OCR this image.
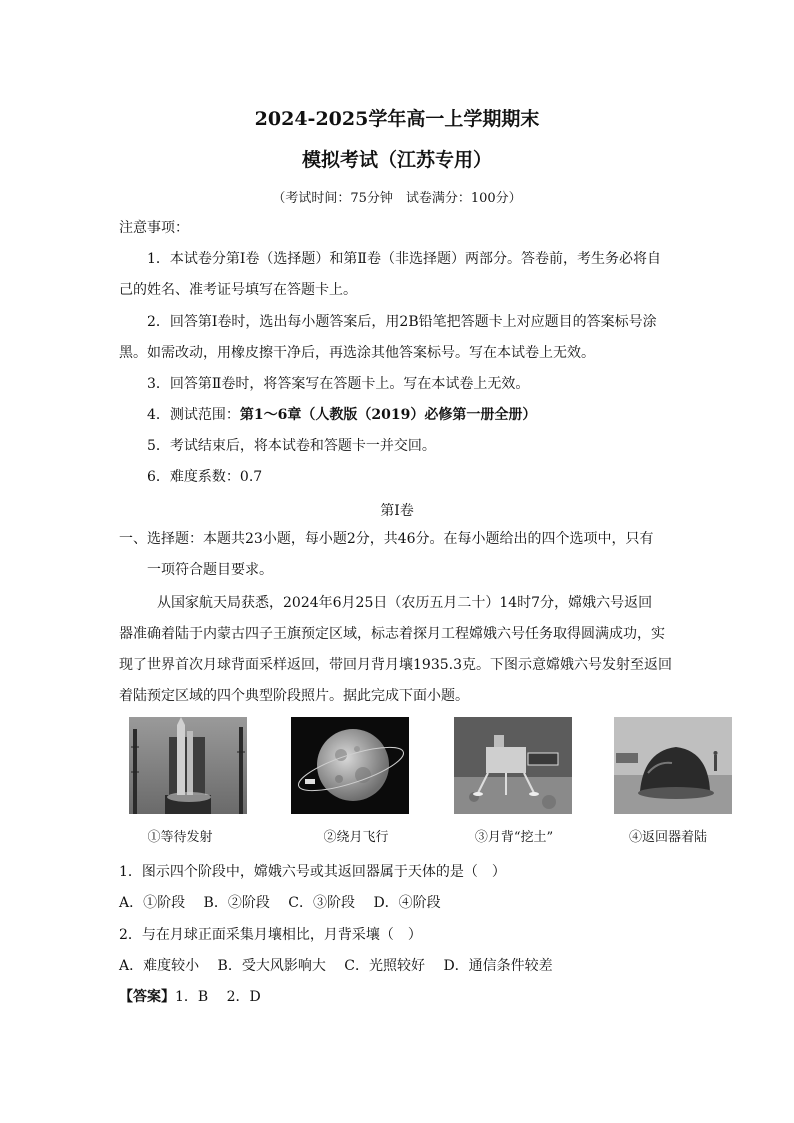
2024-2025学年高一上学期期末
模拟考试（江苏专用）
（考试时间：75分钟　试卷满分：100分）
注意事项：
1．本试卷分第Ⅰ卷（选择题）和第Ⅱ卷（非选择题）两部分。答卷前，考生务必将自
己的姓名、准考证号填写在答题卡上。
2．回答第Ⅰ卷时，选出每小题答案后，用2B铅笔把答题卡上对应题目的答案标号涂
黑。如需改动，用橡皮擦干净后，再选涂其他答案标号。写在本试卷上无效。
3．回答第Ⅱ卷时，将答案写在答题卡上。写在本试卷上无效。
4．测试范围：第1～6章（人教版（2019）必修第一册全册）
5．考试结束后，将本试卷和答题卡一并交回。
6．难度系数：0.7
第Ⅰ卷
一、选择题：本题共23小题，每小题2分，共46分。在每小题给出的四个选项中，只有
一项符合题目要求。
从国家航天局获悉，2024年6月25日（农历五月二十）14时7分，嫦娥六号返回
器准确着陆于内蒙古四子王旗预定区域，标志着探月工程嫦娥六号任务取得圆满成功，实
现了世界首次月球背面采样返回，带回月背月壤1935.3克。下图示意嫦娥六号发射至返回
着陆预定区域的四个典型阶段照片。据此完成下面小题。
①等待发射	②绕月飞行	③月背“挖土”	④返回器着陆
1．图示四个阶段中，嫦娥六号或其返回器属于天体的是（　）
A．①阶段　 B．②阶段　 C．③阶段　 D．④阶段
2．与在月球正面采集月壤相比，月背采壤（　）
A．难度较小　 B．受大风影响大　 C．光照较好　 D．通信条件较差
【答案】1．B　 2．D
